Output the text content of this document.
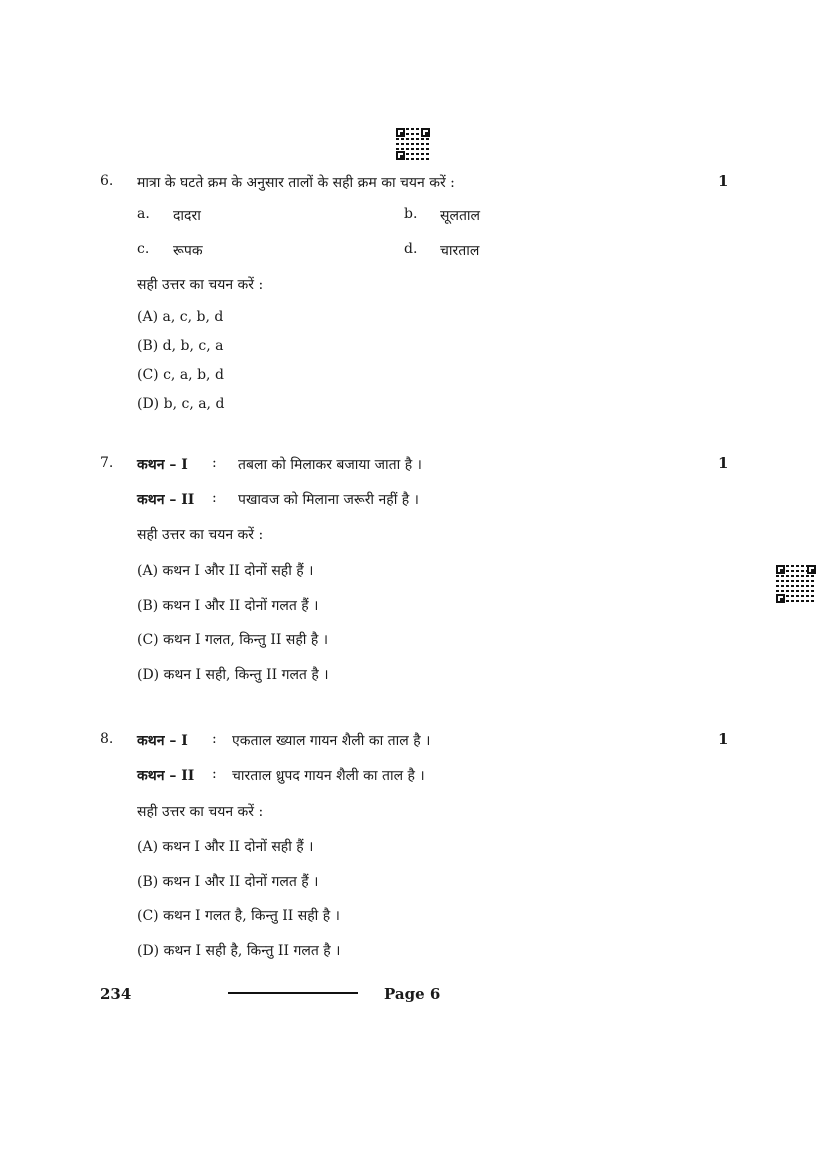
6. मात्रा के घटते क्रम के अनुसार तालों के सही क्रम का चयन करें :	1
a. दादरा	b. सूलताल
c. रूपक	d. चारताल
सही उत्तर का चयन करें :
(A) a, c, b, d
(B) d, b, c, a
(C) c, a, b, d
(D) b, c, a, d
7. कथन – I : तबला को मिलाकर बजाया जाता है ।	1
कथन – II : पखावज को मिलाना जरूरी नहीं है ।
सही उत्तर का चयन करें :
(A) कथन I और II दोनों सही हैं ।
(B) कथन I और II दोनों गलत हैं ।
(C) कथन I गलत, किन्तु II सही है ।
(D) कथन I सही, किन्तु II गलत है ।
8. कथन – I : एकताल ख्याल गायन शैली का ताल है ।	1
कथन – II : चारताल ध्रुपद गायन शैली का ताल है ।
सही उत्तर का चयन करें :
(A) कथन I और II दोनों सही हैं ।
(B) कथन I और II दोनों गलत हैं ।
(C) कथन I गलत है, किन्तु II सही है ।
(D) कथन I सही है, किन्तु II गलत है ।
234	Page 6
